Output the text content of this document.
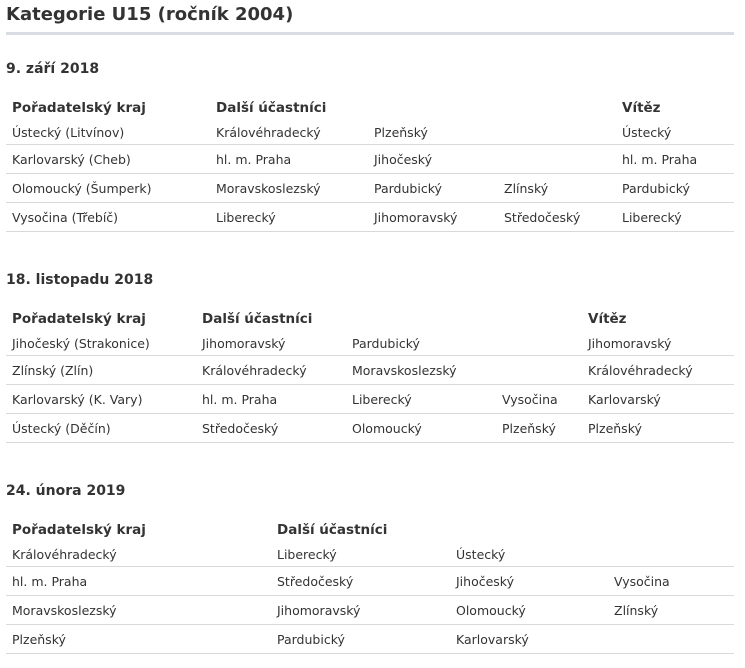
Kategorie U15 (ročník 2004)
9. září 2018
Pořadatelský kraj	Další účastníci			Vítěz
Ústecký (Litvínov)	Královéhradecký	Plzeňský		Ústecký
Karlovarský (Cheb)	hl. m. Praha	Jihočeský		hl. m. Praha
Olomoucký (Šumperk)	Moravskoslezský	Pardubický	Zlínský	Pardubický
Vysočina (Třebíč)	Liberecký	Jihomoravský	Středočeský	Liberecký
18. listopadu 2018
Pořadatelský kraj	Další účastníci			Vítěz
Jihočeský (Strakonice)	Jihomoravský	Pardubický		Jihomoravský
Zlínský (Zlín)	Královéhradecký	Moravskoslezský		Královéhradecký
Karlovarský (K. Vary)	hl. m. Praha	Liberecký	Vysočina	Karlovarský
Ústecký (Děčín)	Středočeský	Olomoucký	Plzeňský	Plzeňský
24. února 2019
Pořadatelský kraj	Další účastníci		
Královéhradecký	Liberecký	Ústecký	
hl. m. Praha	Středočeský	Jihočeský	Vysočina
Moravskoslezský	Jihomoravský	Olomoucký	Zlínský
Plzeňský	Pardubický	Karlovarský	
